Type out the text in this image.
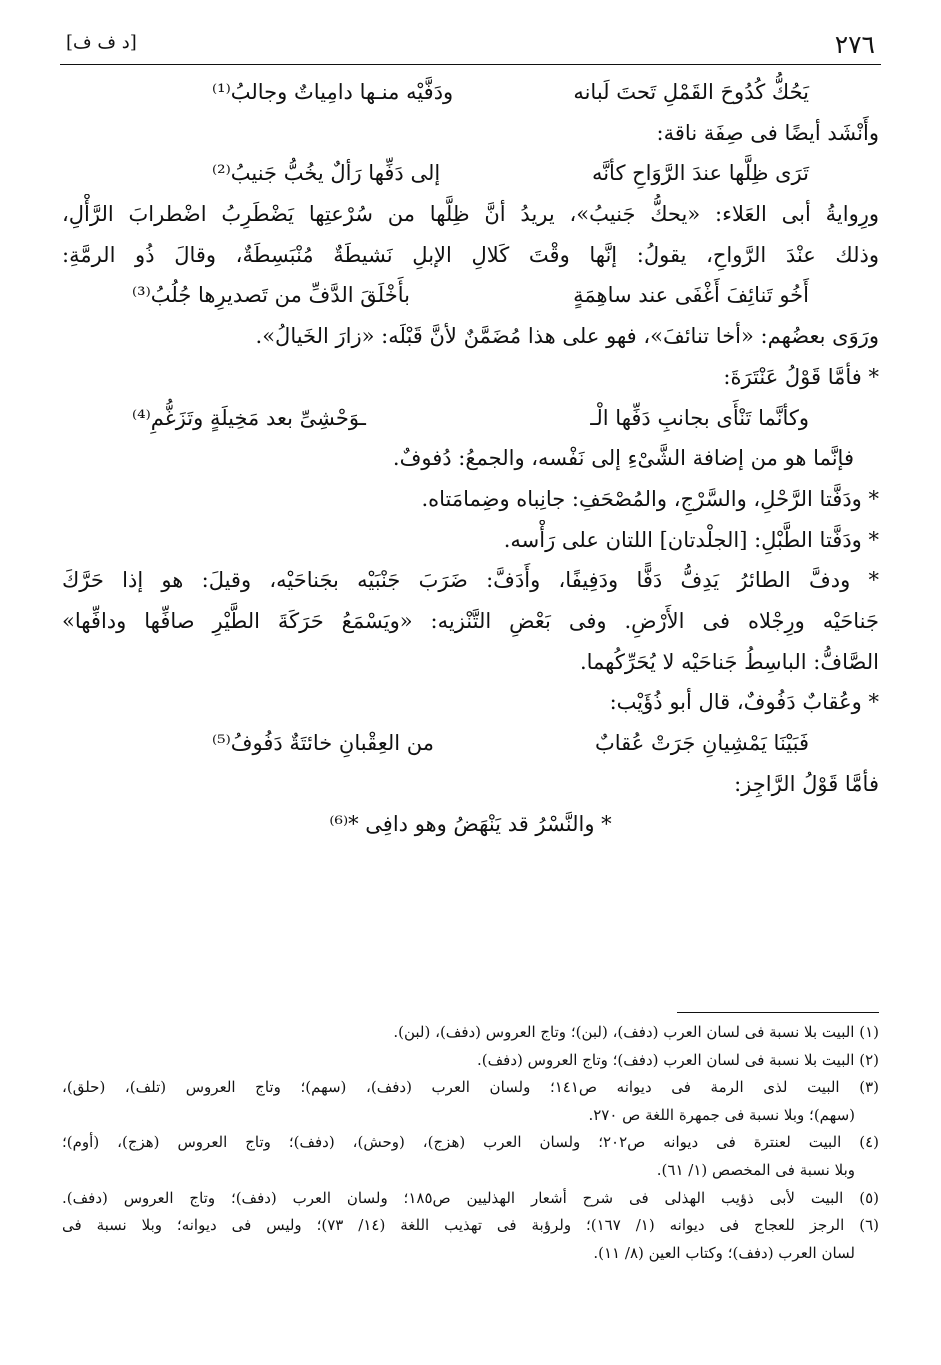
٢٧٦
[د ف ف]
يَحُكُّ كُدُوحَ القَمْلِ تَحتَ لَبانه
ودَفَّيْه منـها دامِياتٌ وجالبُ⁽¹⁾
وأَنْشَد أيضًا فى صِفَة ناقة:
تَرَى ظِلَّها عندَ الرَّوَاحِ كأنَّه
إلى دَفِّها رَألٌ يخُبُّ جَنيبُ⁽²⁾
ورِوايةُ أبى العَلاء: «يحكُّ جَنيبُ»، يريدُ أنَّ ظِلَّها من سُرْعتِها يَضْطَرِبُ اضْطرابَ الرَّأْلِ،
وذلك عنْدَ الرَّواحِ، يقولُ: إنَّها وقْتَ كَلالِ الإبلِ نَشيطَةٌ مُنْبَسِطَةٌ، وقالَ ذُو الرمَّةِ:
أَخُو تَنائِفَ أَغْفَى عند ساهِمَةٍ
بأَخْلَقَ الدَّفِّ من تَصديرِها جُلُبُ⁽³⁾
ورَوَى بعضُهم: «أخا تنائفَ»، فهو على هذا مُضَمَّنٌ لأنَّ قَبْلَه: «زارَ الخَيالُ».
* فأمَّا قَوْلُ عَنْتَرَةَ:
وكأنَّما تَنْأَى بجانبِ دَفِّها الْـ
ـوَحْشِىِّ بعد مَخِيلَةٍ وتَزَغُّمِ⁽⁴⁾
فإنَّما هو من إضافة الشَّىْءِ إلى نَفْسه، والجمعُ: دُفوفٌ.
* ودَفَّتا الرَّحْلِ، والسَّرْجِ، والمُصْحَفِ: جانِباه وضِمامَتاه.
* ودَفَّتا الطَّبْلِ: [الجلْدتان] اللتان على رَأْسه.
* ودفَّ الطائرُ يَدِفُّ دَفًّا ودَفِيفًا، وأَدَفَّ: ضَرَبَ جَنْبَيْه بجَناحَيْه، وقيلَ: هو إذا حَرَّكَ
جَناحَيْه ورِجْلاه فى الأَرْضِ. وفى بَعْضِ التَّنْزيه: «ويَسْمَعُ حَرَكَةَ الطَّيْرِ صافِّها ودافِّها»
الصَّافُّ: الباسِطُ جَناحَيْه لا يُحَرِّكُهما.
* وعُقابٌ دَفُوفٌ، قال أبو ذُؤَيْب:
فَبَيْنَا يَمْشِيانِ جَرَتْ عُقابٌ
من العِقْبانِ خائتَةٌ دَفُوفُ⁽⁵⁾
فأمَّا قَوْلُ الرَّاجِز:
* والنَّسْرُ قد يَنْهَضُ وهو دافِى *⁽⁶⁾
(١) البيت بلا نسبة فى لسان العرب (دفف)، (لبن)؛ وتاج العروس (دفف)، (لبن).
(٢) البيت بلا نسبة فى لسان العرب (دفف)؛ وتاج العروس (دفف).
(٣) البيت لذى الرمة فى ديوانه ص١٤١؛ ولسان العرب (دفف)، (سهم)؛ وتاج العروس (تلف)، (حلق)،
(سهم)؛ وبلا نسبة فى جمهرة اللغة ص ٢٧٠.
(٤) البيت لعنترة فى ديوانه ص٢٠٢؛ ولسان العرب (هزج)، (وحش)، (دفف)؛ وتاج العروس (هزج)، (أوم)؛
وبلا نسبة فى المخصص (١/ ٦١).
(٥) البيت لأبى ذؤيب الهذلى فى شرح أشعار الهذليين ص١٨٥؛ ولسان العرب (دفف)؛ وتاج العروس (دفف).
(٦) الرجز للعجاج فى ديوانه (١/ ١٦٧)؛ ولرؤبة فى تهذيب اللغة (١٤/ ٧٣)؛ وليس فى ديوانه؛ وبلا نسبة فى
لسان العرب (دفف)؛ وكتاب العين (٨/ ١١).
